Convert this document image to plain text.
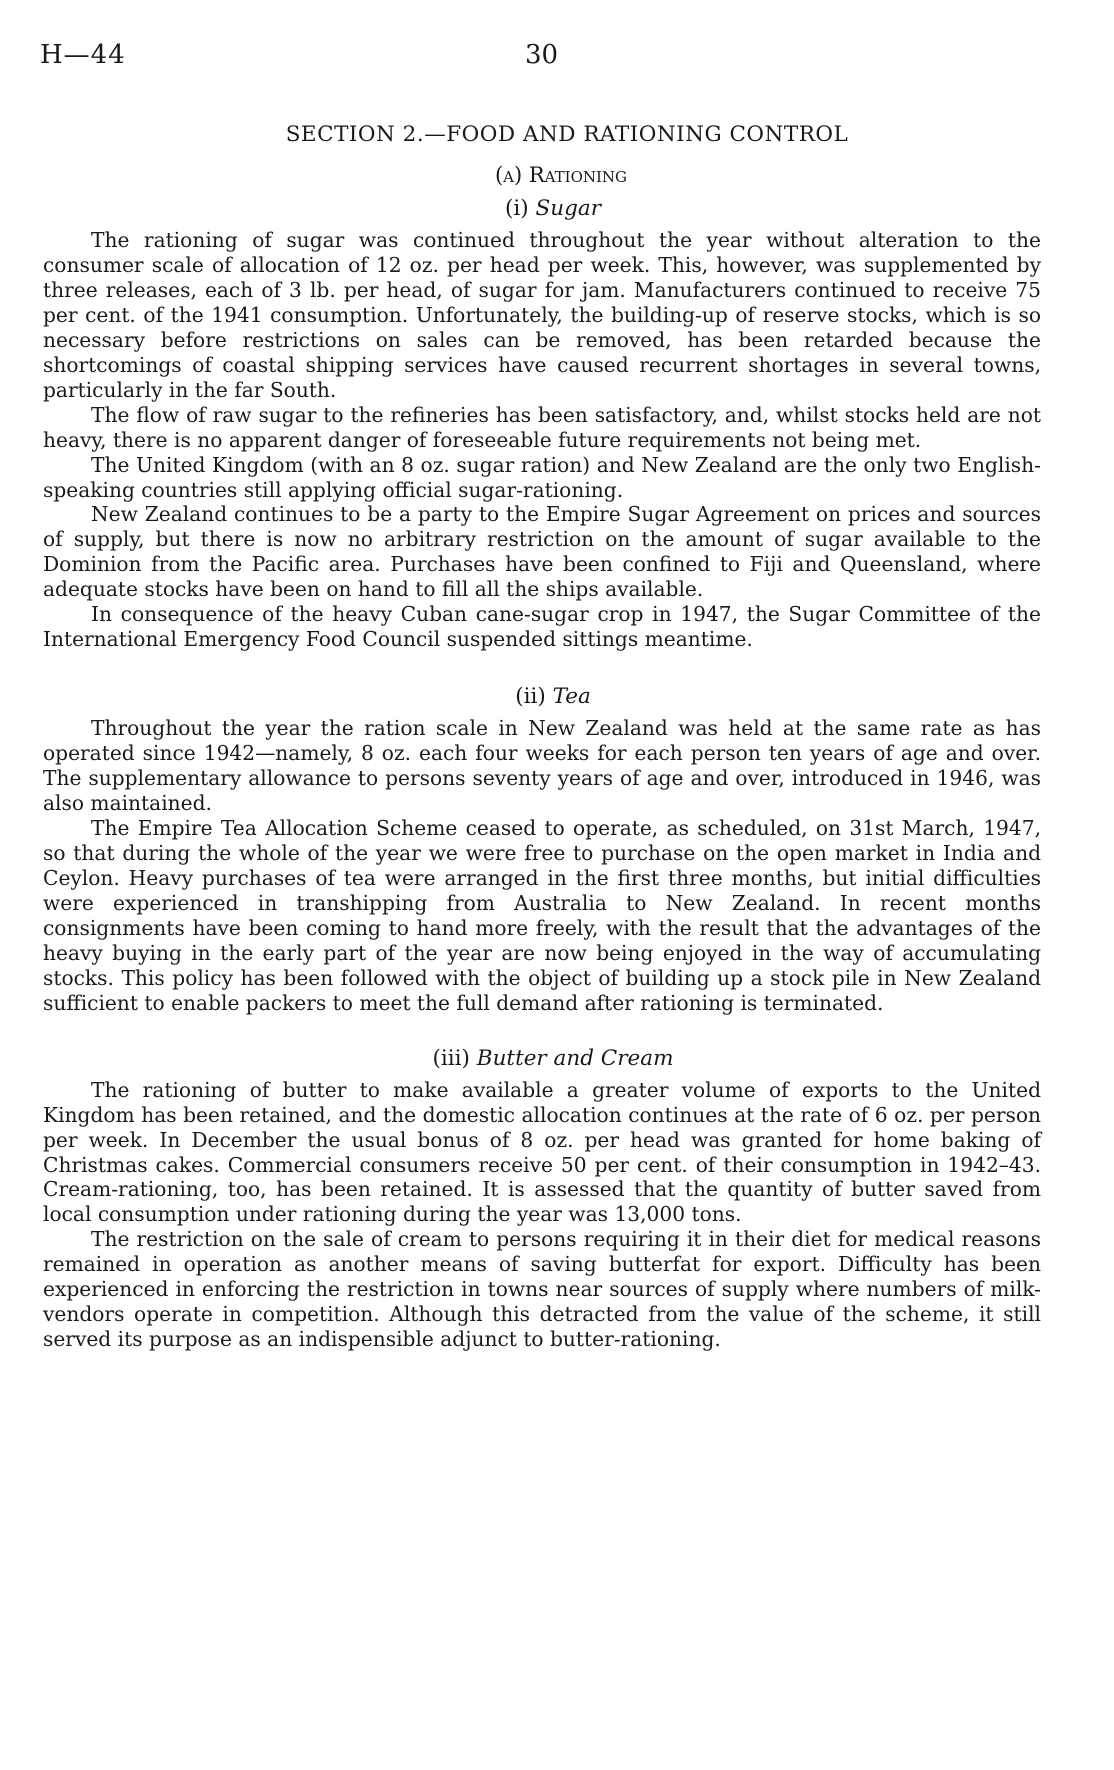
H—44	30
SECTION 2.—FOOD AND RATIONING CONTROL
(a) Rationing
(i) Sugar

The rationing of sugar was continued throughout the year without alteration to the consumer scale of allocation of 12 oz. per head per week. This, however, was supplemented by three releases, each of 3 lb. per head, of sugar for jam. Manufacturers continued to receive 75 per cent. of the 1941 consumption. Unfortunately, the building-up of reserve stocks, which is so necessary before restrictions on sales can be removed, has been retarded because the shortcomings of coastal shipping services have caused recurrent shortages in several towns, particularly in the far South.

The flow of raw sugar to the refineries has been satisfactory, and, whilst stocks held are not heavy, there is no apparent danger of foreseeable future requirements not being met.

The United Kingdom (with an 8 oz. sugar ration) and New Zealand are the only two English-speaking countries still applying official sugar-rationing.

New Zealand continues to be a party to the Empire Sugar Agreement on prices and sources of supply, but there is now no arbitrary restriction on the amount of sugar available to the Dominion from the Pacific area. Purchases have been confined to Fiji and Queensland, where adequate stocks have been on hand to fill all the ships available.

In consequence of the heavy Cuban cane-sugar crop in 1947, the Sugar Committee of the International Emergency Food Council suspended sittings meantime.

(ii) Tea

Throughout the year the ration scale in New Zealand was held at the same rate as has operated since 1942—namely, 8 oz. each four weeks for each person ten years of age and over. The supplementary allowance to persons seventy years of age and over, introduced in 1946, was also maintained.

The Empire Tea Allocation Scheme ceased to operate, as scheduled, on 31st March, 1947, so that during the whole of the year we were free to purchase on the open market in India and Ceylon. Heavy purchases of tea were arranged in the first three months, but initial difficulties were experienced in transhipping from Australia to New Zealand. In recent months consignments have been coming to hand more freely, with the result that the advantages of the heavy buying in the early part of the year are now being enjoyed in the way of accumulating stocks. This policy has been followed with the object of building up a stock pile in New Zealand sufficient to enable packers to meet the full demand after rationing is terminated.

(iii) Butter and Cream

The rationing of butter to make available a greater volume of exports to the United Kingdom has been retained, and the domestic allocation continues at the rate of 6 oz. per person per week. In December the usual bonus of 8 oz. per head was granted for home baking of Christmas cakes. Commercial consumers receive 50 per cent. of their consumption in 1942–43. Cream-rationing, too, has been retained. It is assessed that the quantity of butter saved from local consumption under rationing during the year was 13,000 tons.

The restriction on the sale of cream to persons requiring it in their diet for medical reasons remained in operation as another means of saving butterfat for export. Difficulty has been experienced in enforcing the restriction in towns near sources of supply where numbers of milk-vendors operate in competition. Although this detracted from the value of the scheme, it still served its purpose as an indispensible adjunct to butter-rationing.
